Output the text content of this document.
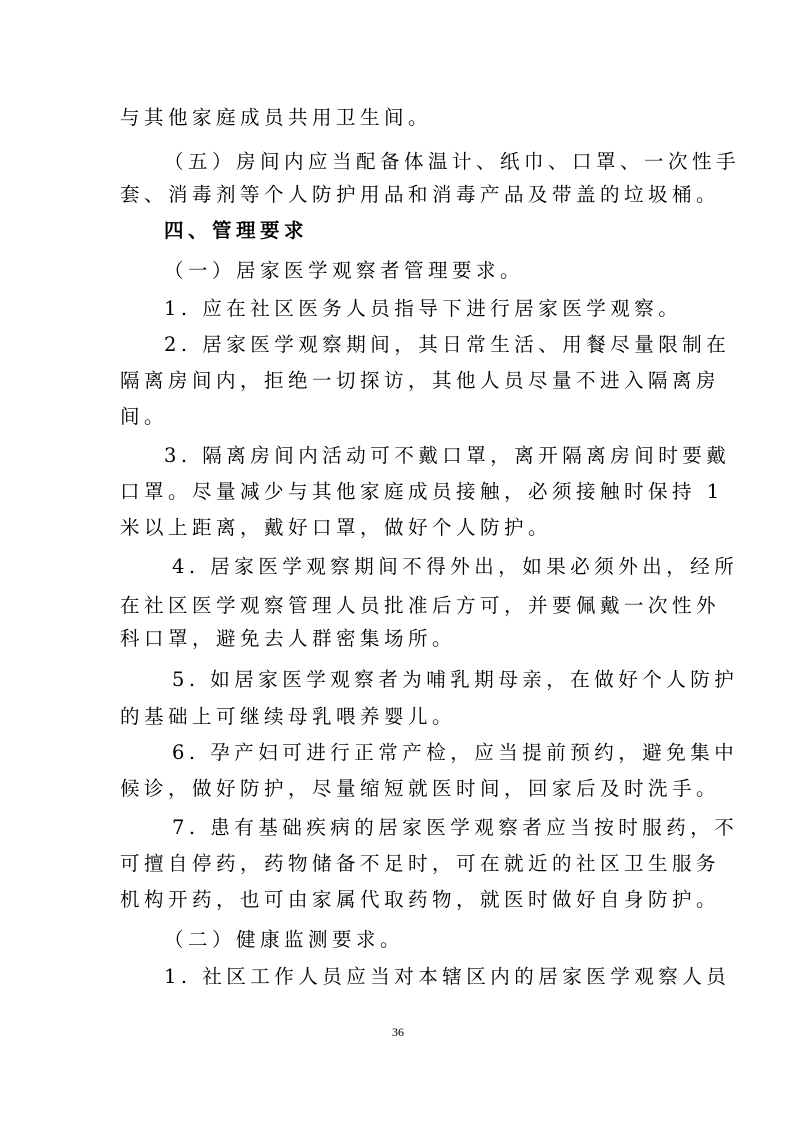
与其他家庭成员共用卫生间。
（五）房间内应当配备体温计、纸巾、口罩、一次性手
套、消毒剂等个人防护用品和消毒产品及带盖的垃圾桶。
四、管理要求
（一）居家医学观察者管理要求。
1. 应在社区医务人员指导下进行居家医学观察。
2. 居家医学观察期间，其日常生活、用餐尽量限制在
隔离房间内，拒绝一切探访，其他人员尽量不进入隔离房
间。
3. 隔离房间内活动可不戴口罩，离开隔离房间时要戴
口罩。尽量减少与其他家庭成员接触，必须接触时保持 1
米以上距离，戴好口罩，做好个人防护。
4. 居家医学观察期间不得外出，如果必须外出，经所
在社区医学观察管理人员批准后方可，并要佩戴一次性外
科口罩，避免去人群密集场所。
5. 如居家医学观察者为哺乳期母亲，在做好个人防护
的基础上可继续母乳喂养婴儿。
6. 孕产妇可进行正常产检，应当提前预约，避免集中
候诊，做好防护，尽量缩短就医时间，回家后及时洗手。
7. 患有基础疾病的居家医学观察者应当按时服药，不
可擅自停药，药物储备不足时，可在就近的社区卫生服务
机构开药，也可由家属代取药物，就医时做好自身防护。
（二）健康监测要求。
1. 社区工作人员应当对本辖区内的居家医学观察人员
36
